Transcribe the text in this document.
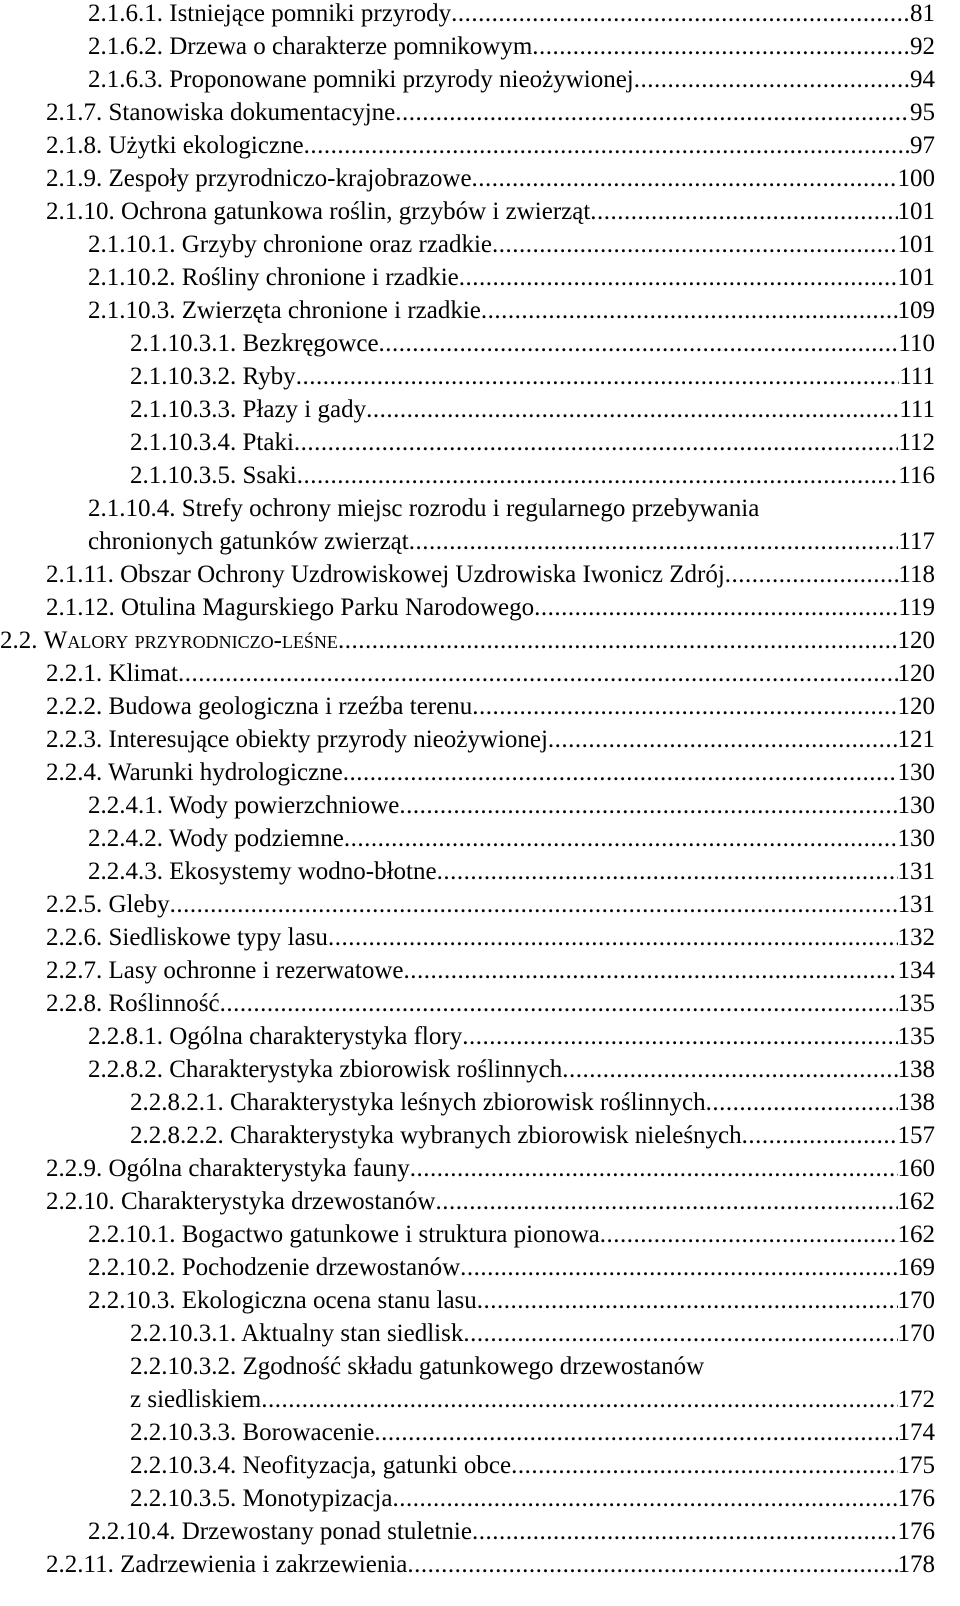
2.1.6.1. Istniejące pomniki przyrody .....	81
2.1.6.2. Drzewa o charakterze pomnikowym .....	92
2.1.6.3. Proponowane pomniki przyrody nieożywionej .....	94
2.1.7. Stanowiska dokumentacyjne .....	95
2.1.8. Użytki ekologiczne .....	97
2.1.9. Zespoły przyrodniczo-krajobrazowe .....	100
2.1.10. Ochrona gatunkowa roślin, grzybów i zwierząt .....	101
2.1.10.1. Grzyby chronione oraz rzadkie .....	101
2.1.10.2. Rośliny chronione i rzadkie .....	101
2.1.10.3. Zwierzęta chronione i rzadkie .....	109
2.1.10.3.1. Bezkręgowce .....	110
2.1.10.3.2. Ryby .....	111
2.1.10.3.3. Płazy i gady .....	111
2.1.10.3.4. Ptaki .....	112
2.1.10.3.5. Ssaki .....	116
2.1.10.4. Strefy ochrony miejsc rozrodu i regularnego przebywania
chronionych gatunków zwierząt .....	117
2.1.11. Obszar Ochrony Uzdrowiskowej Uzdrowiska Iwonicz Zdrój .....	118
2.1.12. Otulina Magurskiego Parku Narodowego .....	119
2.2. Walory przyrodniczo-leśne .....	120
2.2.1. Klimat .....	120
2.2.2. Budowa geologiczna i rzeźba terenu .....	120
2.2.3. Interesujące obiekty przyrody nieożywionej .....	121
2.2.4. Warunki hydrologiczne .....	130
2.2.4.1. Wody powierzchniowe .....	130
2.2.4.2. Wody podziemne .....	130
2.2.4.3. Ekosystemy wodno-błotne .....	131
2.2.5. Gleby .....	131
2.2.6. Siedliskowe typy lasu .....	132
2.2.7. Lasy ochronne i rezerwatowe .....	134
2.2.8. Roślinność .....	135
2.2.8.1. Ogólna charakterystyka flory .....	135
2.2.8.2. Charakterystyka zbiorowisk roślinnych .....	138
2.2.8.2.1. Charakterystyka leśnych zbiorowisk roślinnych .....	138
2.2.8.2.2. Charakterystyka wybranych zbiorowisk nieleśnych .....	157
2.2.9. Ogólna charakterystyka fauny .....	160
2.2.10. Charakterystyka drzewostanów .....	162
2.2.10.1. Bogactwo gatunkowe i struktura pionowa .....	162
2.2.10.2. Pochodzenie drzewostanów .....	169
2.2.10.3. Ekologiczna ocena stanu lasu .....	170
2.2.10.3.1. Aktualny stan siedlisk .....	170
2.2.10.3.2. Zgodność składu gatunkowego drzewostanów
z siedliskiem .....	172
2.2.10.3.3. Borowacenie .....	174
2.2.10.3.4. Neofityzacja, gatunki obce .....	175
2.2.10.3.5. Monotypizacja .....	176
2.2.10.4. Drzewostany ponad stuletnie .....	176
2.2.11. Zadrzewienia i zakrzewienia .....	178
